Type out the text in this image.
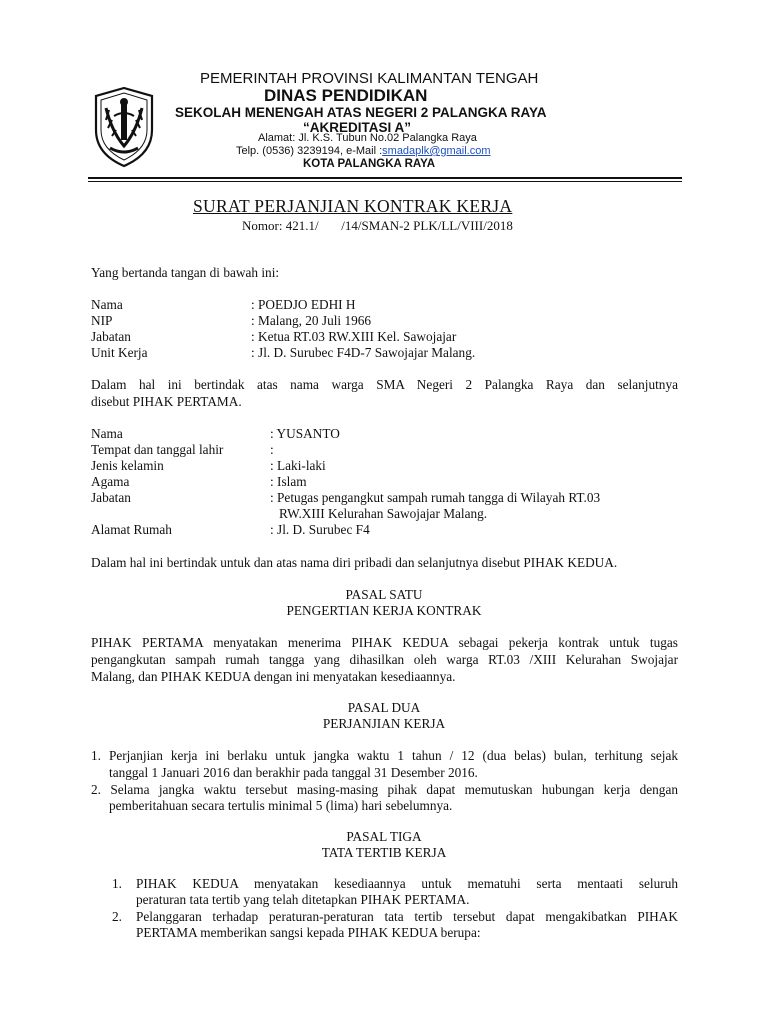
PEMERINTAH PROVINSI KALIMANTAN TENGAH
DINAS PENDIDIKAN
SEKOLAH MENENGAH ATAS NEGERI 2 PALANGKA RAYA
“AKREDITASI A”
Alamat: Jl. K.S. Tubun No.02 Palangka Raya
Telp. (0536) 3239194, e-Mail :smadaplk@gmail.com
KOTA PALANGKA RAYA
SURAT PERJANJIAN KONTRAK KERJA
Nomor: 421.1/       /14/SMAN-2 PLK/LL/VIII/2018
Yang bertanda tangan di bawah ini:
Nama	: POEDJO EDHI H
NIP	: Malang, 20 Juli 1966
Jabatan	: Ketua RT.03 RW.XIII Kel. Sawojajar
Unit Kerja	: Jl. D. Surubec F4D-7 Sawojajar Malang.
Dalam hal ini bertindak atas nama warga SMA Negeri 2 Palangka Raya dan selanjutnya
disebut PIHAK PERTAMA.
Nama	: YUSANTO
Tempat dan tanggal lahir	:
Jenis kelamin	: Laki-laki
Agama	: Islam
Jabatan	: Petugas pengangkut sampah rumah tangga di Wilayah RT.03
RW.XIII Kelurahan Sawojajar Malang.
Alamat Rumah	: Jl. D. Surubec F4
Dalam hal ini bertindak untuk dan atas nama diri pribadi dan selanjutnya disebut PIHAK KEDUA.
PASAL SATU
PENGERTIAN KERJA KONTRAK
PIHAK PERTAMA menyatakan menerima PIHAK KEDUA sebagai pekerja kontrak untuk tugas
pengangkutan sampah rumah tangga yang dihasilkan oleh warga RT.03 /XIII Kelurahan Swojajar
Malang, dan PIHAK KEDUA dengan ini menyatakan kesediaannya.
PASAL DUA
PERJANJIAN KERJA
1. Perjanjian kerja ini berlaku untuk jangka waktu 1 tahun / 12 (dua belas) bulan, terhitung sejak
tanggal 1 Januari 2016 dan berakhir pada tanggal 31 Desember 2016.
2. Selama jangka waktu tersebut masing-masing pihak dapat memutuskan hubungan kerja dengan
pemberitahuan secara tertulis minimal 5 (lima) hari sebelumnya.
PASAL TIGA
TATA TERTIB KERJA
1. PIHAK KEDUA menyatakan kesediaannya untuk mematuhi serta mentaati seluruh
peraturan tata tertib yang telah ditetapkan PIHAK PERTAMA.
2. Pelanggaran terhadap peraturan-peraturan tata tertib tersebut dapat mengakibatkan PIHAK
PERTAMA memberikan sangsi kepada PIHAK KEDUA berupa:
